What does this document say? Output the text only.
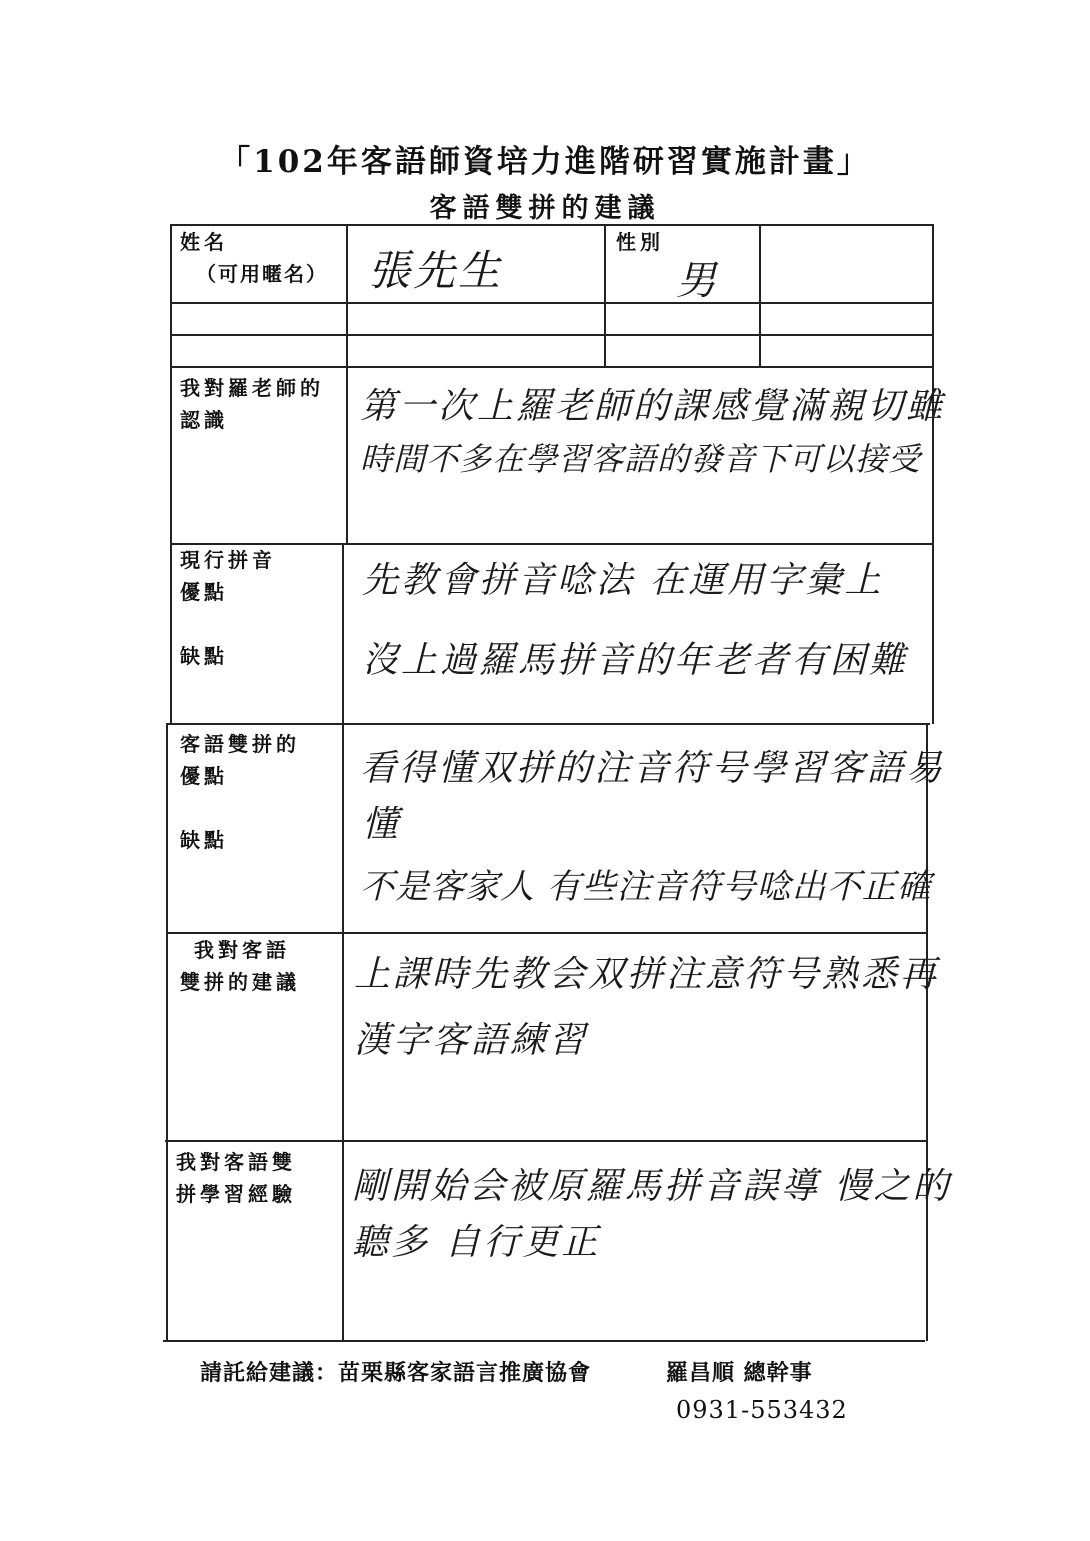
「102年客語師資培力進階研習實施計畫」
客語雙拼的建議
姓名
（可用暱名） 張先生
性別
男
我對羅老師的
認識	第一次上羅老師的課感覺滿親切雖
時間不多在學習客語的發音下可以接受
現行拼音
優點
缺點
先教會拼音唸法 在運用字彙上
沒上過羅馬拼音的年老者有困難
客語雙拼的
優點
缺點
看得懂双拼的注音符号學習客語易
懂
不是客家人 有些注音符号唸出不正確
我對客語
雙拼的建議 上課時先教会双拼注意符号熟悉再
漢字客語練習
我對客語雙
拼學習經驗 剛開始会被原羅馬拼音誤導 慢之的
聽多 自行更正
請託給建議：苗栗縣客家語言推廣協會	羅昌順 總幹事
0931-553432
